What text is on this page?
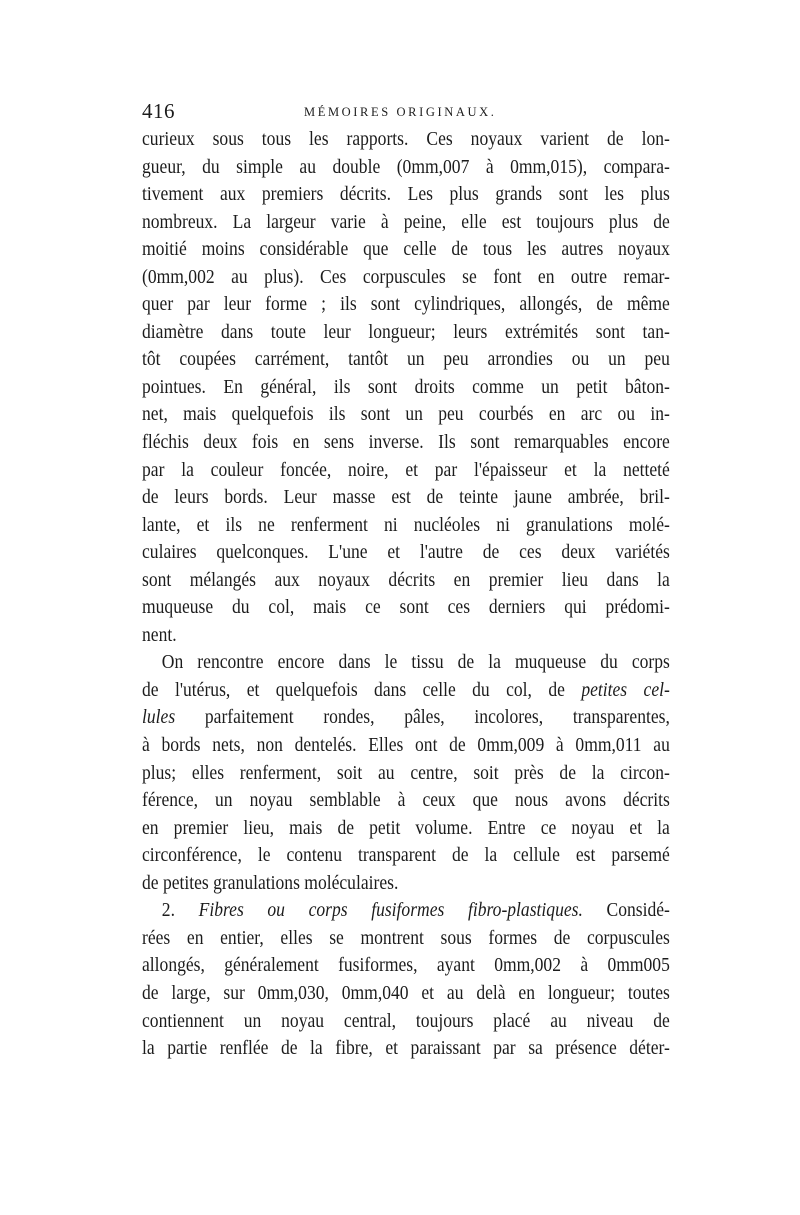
416	MÉMOIRES ORIGINAUX.
curieux sous tous les rapports. Ces noyaux varient de lon-
gueur, du simple au double (0mm,007 à 0mm,015), compara-
tivement aux premiers décrits. Les plus grands sont les plus
nombreux. La largeur varie à peine, elle est toujours plus de
moitié moins considérable que celle de tous les autres noyaux
(0mm,002 au plus). Ces corpuscules se font en outre remar-
quer par leur forme ; ils sont cylindriques, allongés, de même
diamètre dans toute leur longueur; leurs extrémités sont tan-
tôt coupées carrément, tantôt un peu arrondies ou un peu
pointues. En général, ils sont droits comme un petit bâton-
net, mais quelquefois ils sont un peu courbés en arc ou in-
fléchis deux fois en sens inverse. Ils sont remarquables encore
par la couleur foncée, noire, et par l'épaisseur et la netteté
de leurs bords. Leur masse est de teinte jaune ambrée, bril-
lante, et ils ne renferment ni nucléoles ni granulations molé-
culaires quelconques. L'une et l'autre de ces deux variétés
sont mélangés aux noyaux décrits en premier lieu dans la
muqueuse du col, mais ce sont ces derniers qui prédomi-
nent.
On rencontre encore dans le tissu de la muqueuse du corps
de l'utérus, et quelquefois dans celle du col, de petites cel-
lules parfaitement rondes, pâles, incolores, transparentes,
à bords nets, non dentelés. Elles ont de 0mm,009 à 0mm,011 au
plus; elles renferment, soit au centre, soit près de la circon-
férence, un noyau semblable à ceux que nous avons décrits
en premier lieu, mais de petit volume. Entre ce noyau et la
circonférence, le contenu transparent de la cellule est parsemé
de petites granulations moléculaires.
2. Fibres ou corps fusiformes fibro-plastiques. Considé-
rées en entier, elles se montrent sous formes de corpuscules
allongés, généralement fusiformes, ayant 0mm,002 à 0mm005
de large, sur 0mm,030, 0mm,040 et au delà en longueur; toutes
contiennent un noyau central, toujours placé au niveau de
la partie renflée de la fibre, et paraissant par sa présence déter-
